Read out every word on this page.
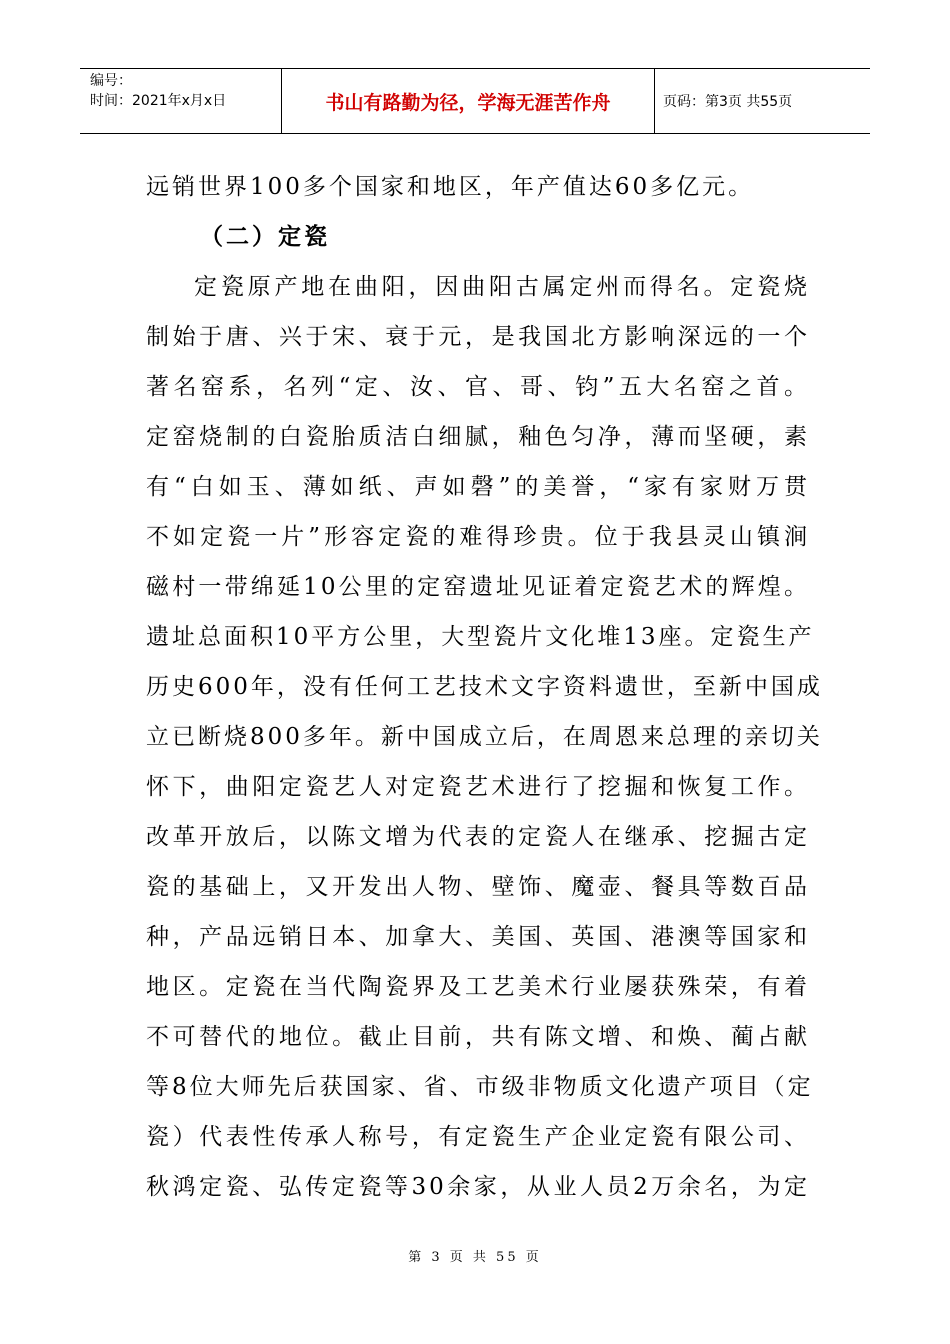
编号：
时间：2021年x月x日	书山有路勤为径，学海无涯苦作舟	页码：第3页 共55页
远销世界100多个国家和地区，年产值达60多亿元。
（二）定瓷
定瓷原产地在曲阳，因曲阳古属定州而得名。定瓷烧
制始于唐、兴于宋、衰于元，是我国北方影响深远的一个
著名窑系，名列“定、汝、官、哥、钧”五大名窑之首。
定窑烧制的白瓷胎质洁白细腻，釉色匀净，薄而坚硬，素
有“白如玉、薄如纸、声如磬”的美誉，“家有家财万贯
不如定瓷一片”形容定瓷的难得珍贵。位于我县灵山镇涧
磁村一带绵延10公里的定窑遗址见证着定瓷艺术的辉煌。
遗址总面积10平方公里，大型瓷片文化堆13座。定瓷生产
历史600年，没有任何工艺技术文字资料遗世，至新中国成
立已断烧800多年。新中国成立后，在周恩来总理的亲切关
怀下，曲阳定瓷艺人对定瓷艺术进行了挖掘和恢复工作。
改革开放后，以陈文增为代表的定瓷人在继承、挖掘古定
瓷的基础上，又开发出人物、壁饰、魔壶、餐具等数百品
种，产品远销日本、加拿大、美国、英国、港澳等国家和
地区。定瓷在当代陶瓷界及工艺美术行业屡获殊荣，有着
不可替代的地位。截止目前，共有陈文增、和焕、蔺占献
等8位大师先后获国家、省、市级非物质文化遗产项目（定
瓷）代表性传承人称号，有定瓷生产企业定瓷有限公司、
秋鸿定瓷、弘传定瓷等30余家，从业人员2万余名，为定
第 3 页 共 55 页
